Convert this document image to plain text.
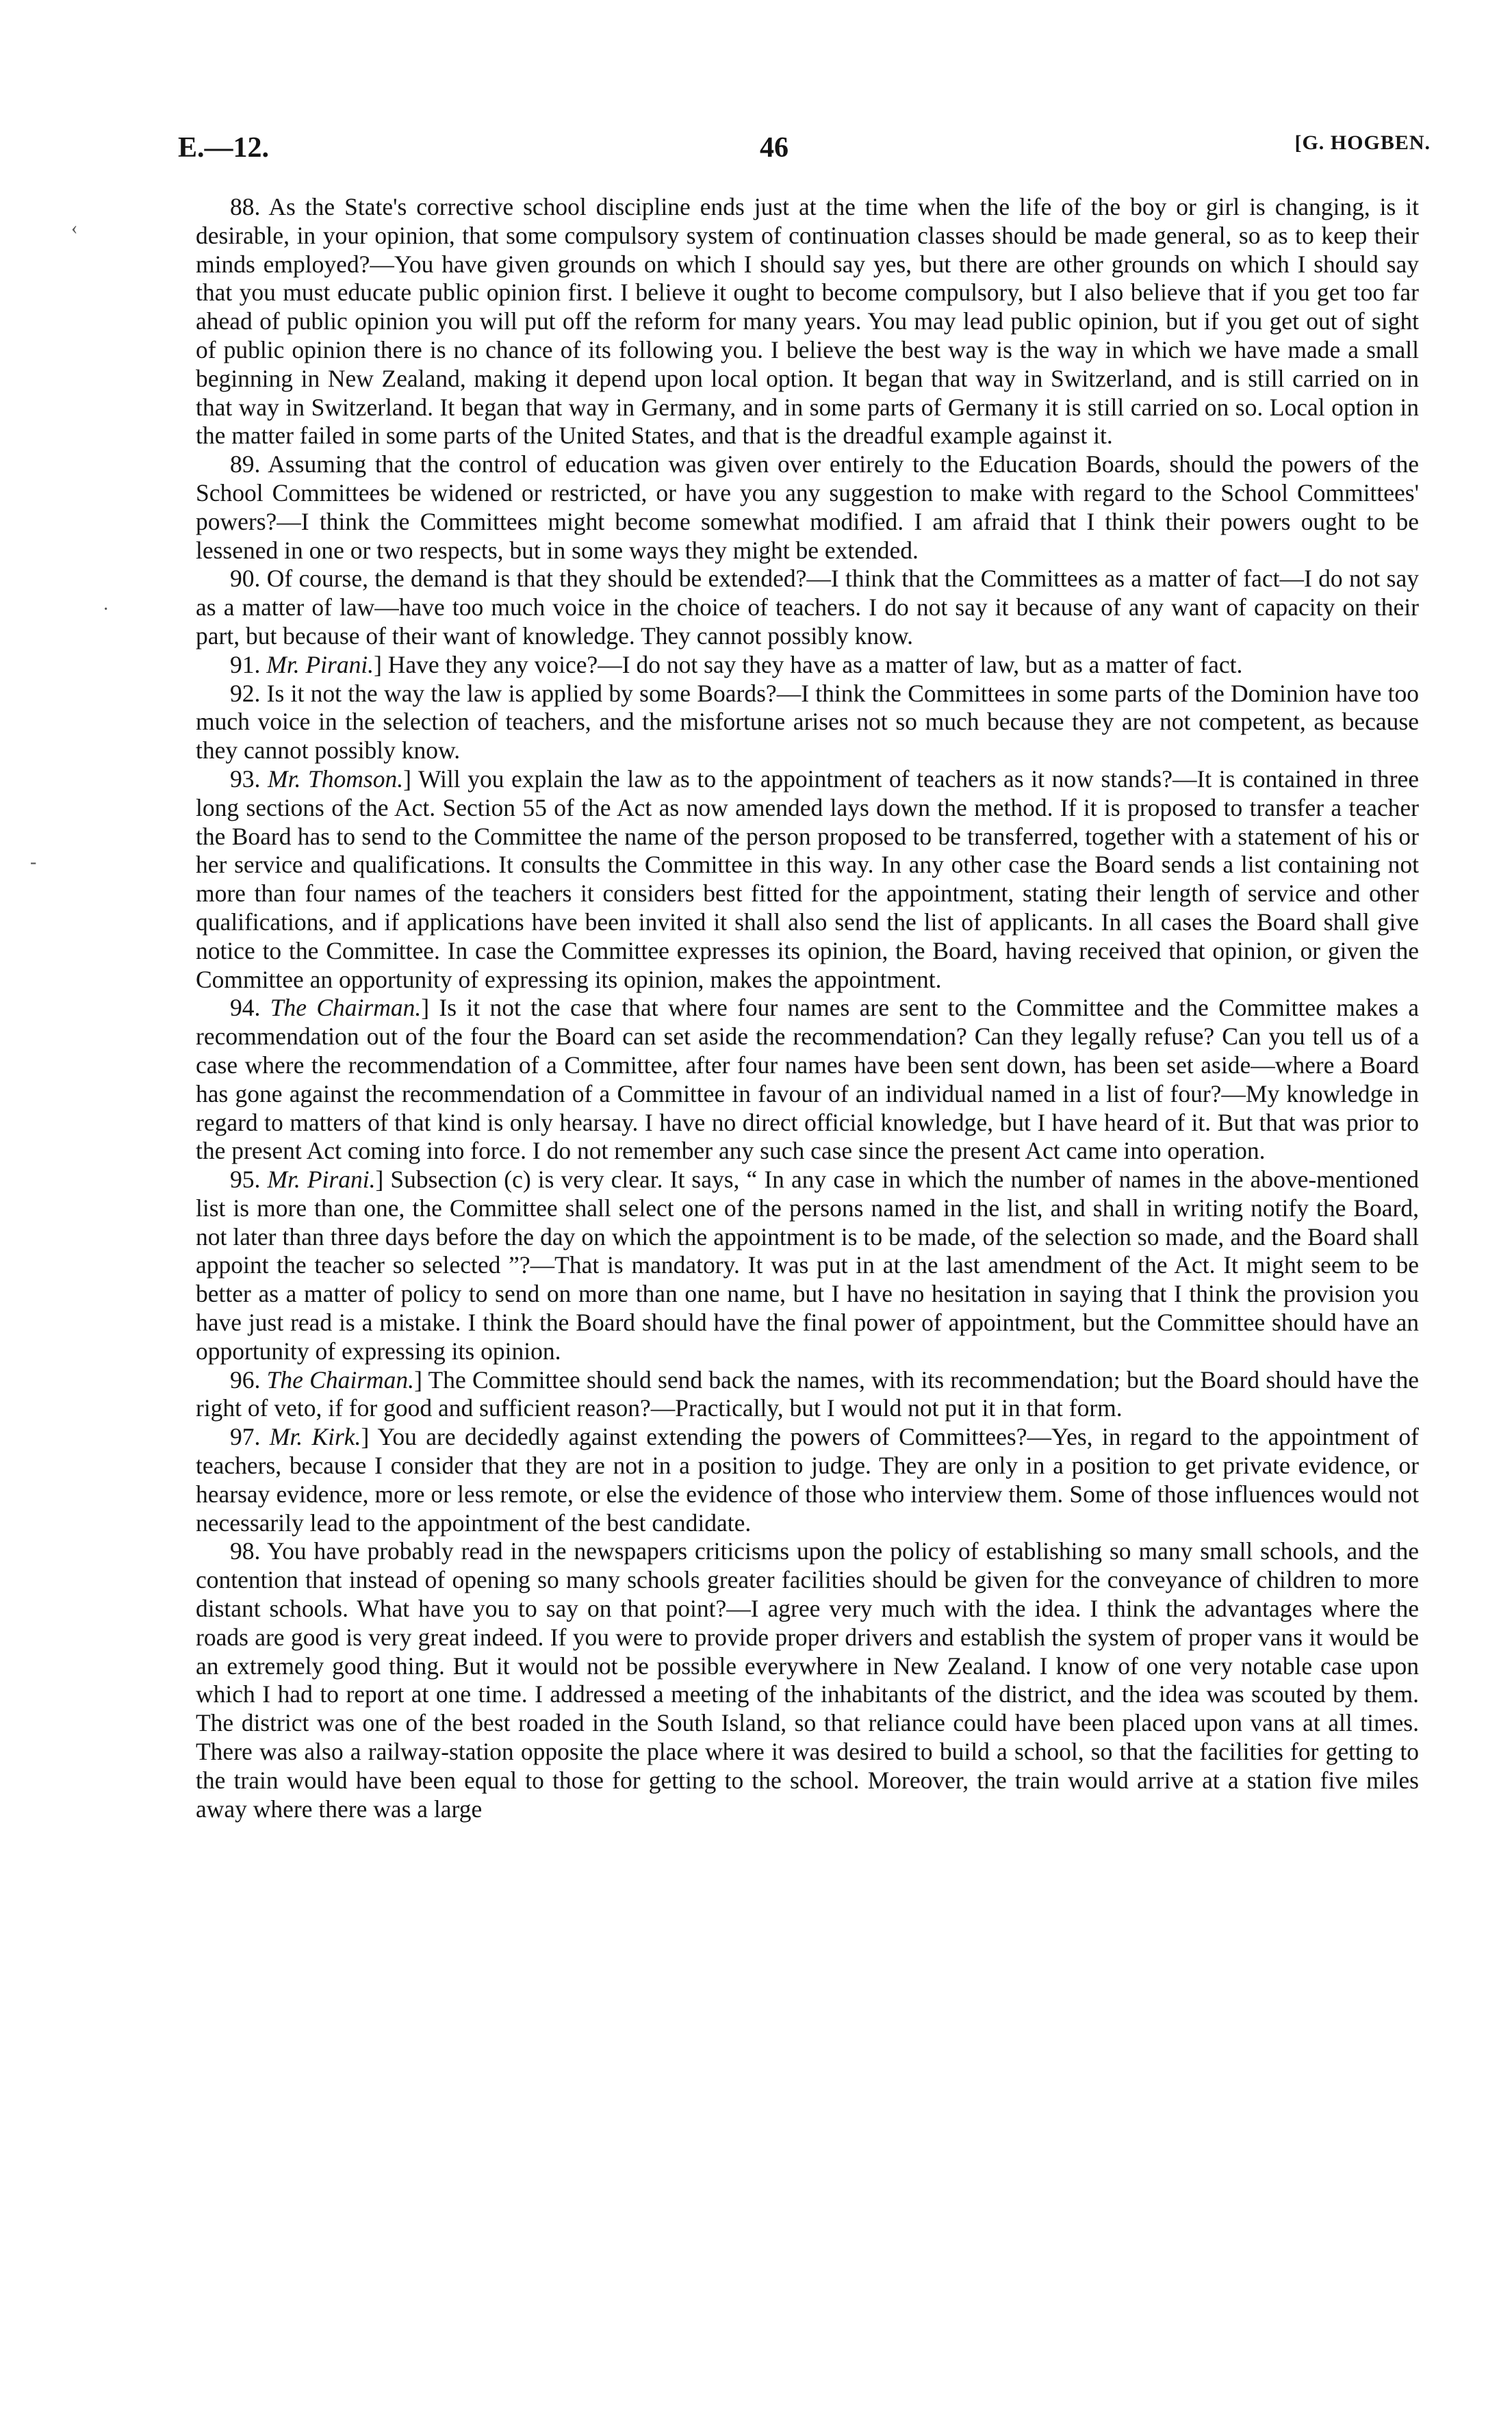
E.—12.	46	[G. HOGBEN.
‹
·
-

88. As the State's corrective school discipline ends just at the time when the life of the boy or girl is changing, is it desirable, in your opinion, that some compulsory system of continuation classes should be made general, so as to keep their minds employed?—You have given grounds on which I should say yes, but there are other grounds on which I should say that you must educate public opinion first. I believe it ought to become compulsory, but I also believe that if you get too far ahead of public opinion you will put off the reform for many years. You may lead public opinion, but if you get out of sight of public opinion there is no chance of its following you. I believe the best way is the way in which we have made a small beginning in New Zealand, making it depend upon local option. It began that way in Switzerland, and is still carried on in that way in Switzerland. It began that way in Germany, and in some parts of Germany it is still carried on so. Local option in the matter failed in some parts of the United States, and that is the dreadful example against it.

89. Assuming that the control of education was given over entirely to the Education Boards, should the powers of the School Committees be widened or restricted, or have you any suggestion to make with regard to the School Committees' powers?—I think the Committees might become somewhat modified. I am afraid that I think their powers ought to be lessened in one or two respects, but in some ways they might be extended.

90. Of course, the demand is that they should be extended?—I think that the Committees as a matter of fact—I do not say as a matter of law—have too much voice in the choice of teachers. I do not say it because of any want of capacity on their part, but because of their want of knowledge. They cannot possibly know.

91. Mr. Pirani.] Have they any voice?—I do not say they have as a matter of law, but as a matter of fact.

92. Is it not the way the law is applied by some Boards?—I think the Committees in some parts of the Dominion have too much voice in the selection of teachers, and the misfortune arises not so much because they are not competent, as because they cannot possibly know.

93. Mr. Thomson.] Will you explain the law as to the appointment of teachers as it now stands?—It is contained in three long sections of the Act. Section 55 of the Act as now amended lays down the method. If it is proposed to transfer a teacher the Board has to send to the Committee the name of the person proposed to be transferred, together with a statement of his or her service and qualifications. It consults the Committee in this way. In any other case the Board sends a list containing not more than four names of the teachers it considers best fitted for the appointment, stating their length of service and other qualifications, and if applications have been invited it shall also send the list of applicants. In all cases the Board shall give notice to the Committee. In case the Committee expresses its opinion, the Board, having received that opinion, or given the Committee an opportunity of expressing its opinion, makes the appointment.

94. The Chairman.] Is it not the case that where four names are sent to the Committee and the Committee makes a recommendation out of the four the Board can set aside the recommendation? Can they legally refuse? Can you tell us of a case where the recommendation of a Committee, after four names have been sent down, has been set aside—where a Board has gone against the recommendation of a Committee in favour of an individual named in a list of four?—My knowledge in regard to matters of that kind is only hearsay. I have no direct official knowledge, but I have heard of it. But that was prior to the present Act coming into force. I do not remember any such case since the present Act came into operation.

95. Mr. Pirani.] Subsection (c) is very clear. It says, “ In any case in which the number of names in the above-mentioned list is more than one, the Committee shall select one of the persons named in the list, and shall in writing notify the Board, not later than three days before the day on which the appointment is to be made, of the selection so made, and the Board shall appoint the teacher so selected ”?—That is mandatory. It was put in at the last amendment of the Act. It might seem to be better as a matter of policy to send on more than one name, but I have no hesitation in saying that I think the provision you have just read is a mistake. I think the Board should have the final power of appointment, but the Committee should have an opportunity of expressing its opinion.

96. The Chairman.] The Committee should send back the names, with its recommendation; but the Board should have the right of veto, if for good and sufficient reason?—Practically, but I would not put it in that form.

97. Mr. Kirk.] You are decidedly against extending the powers of Committees?—Yes, in regard to the appointment of teachers, because I consider that they are not in a position to judge. They are only in a position to get private evidence, or hearsay evidence, more or less remote, or else the evidence of those who interview them. Some of those influences would not necessarily lead to the appointment of the best candidate.

98. You have probably read in the newspapers criticisms upon the policy of establishing so many small schools, and the contention that instead of opening so many schools greater facilities should be given for the conveyance of children to more distant schools. What have you to say on that point?—I agree very much with the idea. I think the advantages where the roads are good is very great indeed. If you were to provide proper drivers and establish the system of proper vans it would be an extremely good thing. But it would not be possible everywhere in New Zealand. I know of one very notable case upon which I had to report at one time. I addressed a meeting of the inhabitants of the district, and the idea was scouted by them. The district was one of the best roaded in the South Island, so that reliance could have been placed upon vans at all times. There was also a railway-station opposite the place where it was desired to build a school, so that the facilities for getting to the train would have been equal to those for getting to the school. Moreover, the train would arrive at a station five miles away where there was a large
